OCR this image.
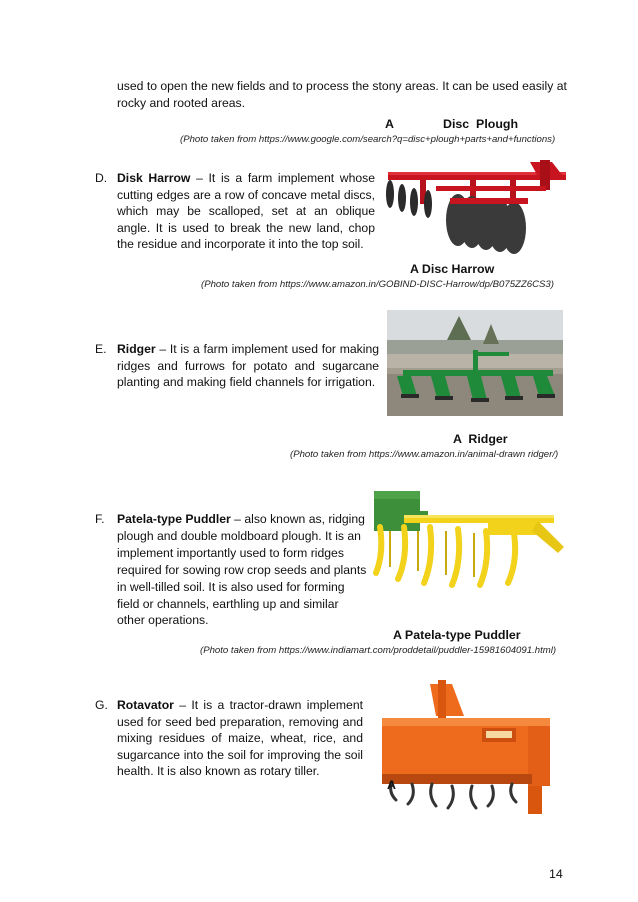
used to open the new fields and to process the stony areas. It can be used easily at
rocky and rooted areas.
A	Disc  Plough
(Photo taken from https://www.google.com/search?q=disc+plough+parts+and+functions)
D. Disk Harrow – It is a farm implement whose cutting edges are a row of concave metal discs, which may be scalloped, set at an oblique angle. It is used to break the new land, chop the residue and incorporate it into the top soil.
A Disc Harrow
(Photo taken from https://www.amazon.in/GOBIND-DISC-Harrow/dp/B075ZZ6CS3)
E. Ridger – It is a farm implement used for making ridges and furrows for potato and sugarcane planting and making field channels for irrigation.
A  Ridger
(Photo taken from https://www.amazon.in/animal-drawn ridger/)
F. Patela-type Puddler – also known as, ridging plough and double moldboard plough. It is an implement importantly used to form ridges required for sowing row crop seeds and plants in well-tilled soil. It is also used for forming field or channels, earthling up and similar other operations.
A Patela-type Puddler
(Photo taken from https://www.indiamart.com/proddetail/puddler-15981604091.html)
G. Rotavator – It is a tractor-drawn implement used for seed bed preparation, removing and mixing residues of maize, wheat, rice, and sugarcance into the soil for improving the soil health. It is also known as rotary tiller.
A
14
